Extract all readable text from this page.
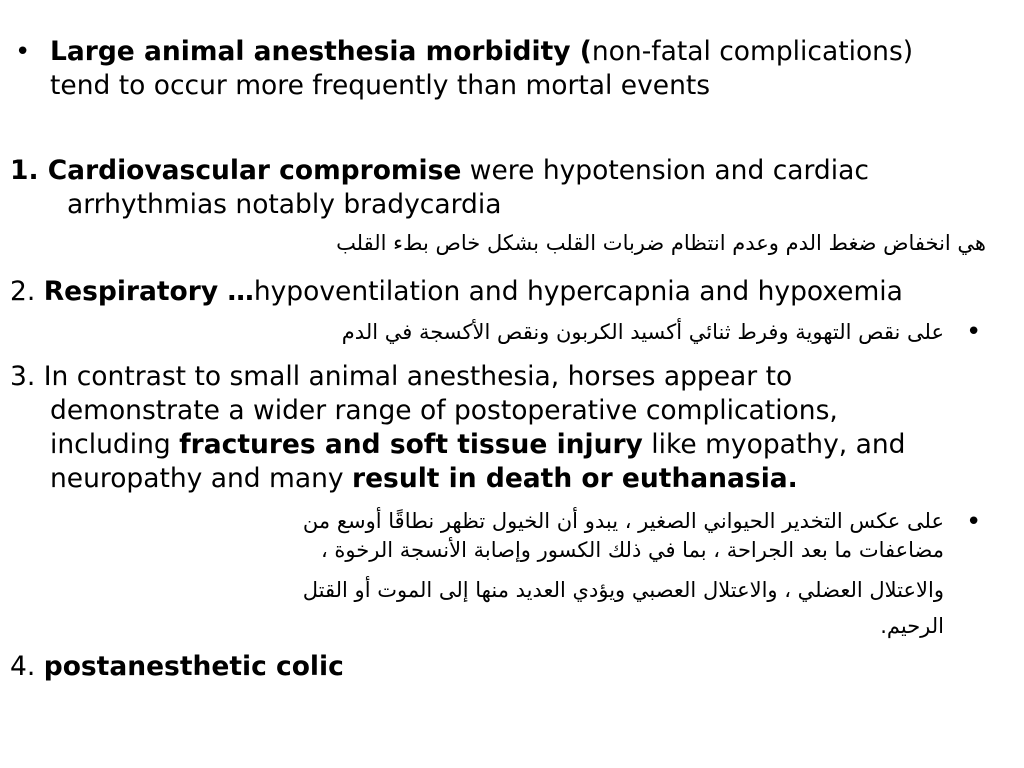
• Large animal anesthesia morbidity (non-fatal complications)
tend to occur more frequently than mortal events
1. Cardiovascular compromise were hypotension and cardiac
arrhythmias notably bradycardia
هي انخفاض ضغط الدم وعدم انتظام ضربات القلب بشكل خاص بطء القلب
2. Respiratory …hypoventilation and hypercapnia and hypoxemia
•
على نقص التهوية وفرط ثنائي أكسيد الكربون ونقص الأكسجة في الدم
3. In contrast to small animal anesthesia, horses appear to
demonstrate a wider range of postoperative complications,
including fractures and soft tissue injury like myopathy, and
neuropathy and many result in death or euthanasia.
•
على عكس التخدير الحيواني الصغير ، يبدو أن الخيول تظهر نطاقًا أوسع من
مضاعفات ما بعد الجراحة ، بما في ذلك الكسور وإصابة الأنسجة الرخوة ،
والاعتلال العضلي ، والاعتلال العصبي ويؤدي العديد منها إلى الموت أو القتل
الرحيم.
4. postanesthetic colic
